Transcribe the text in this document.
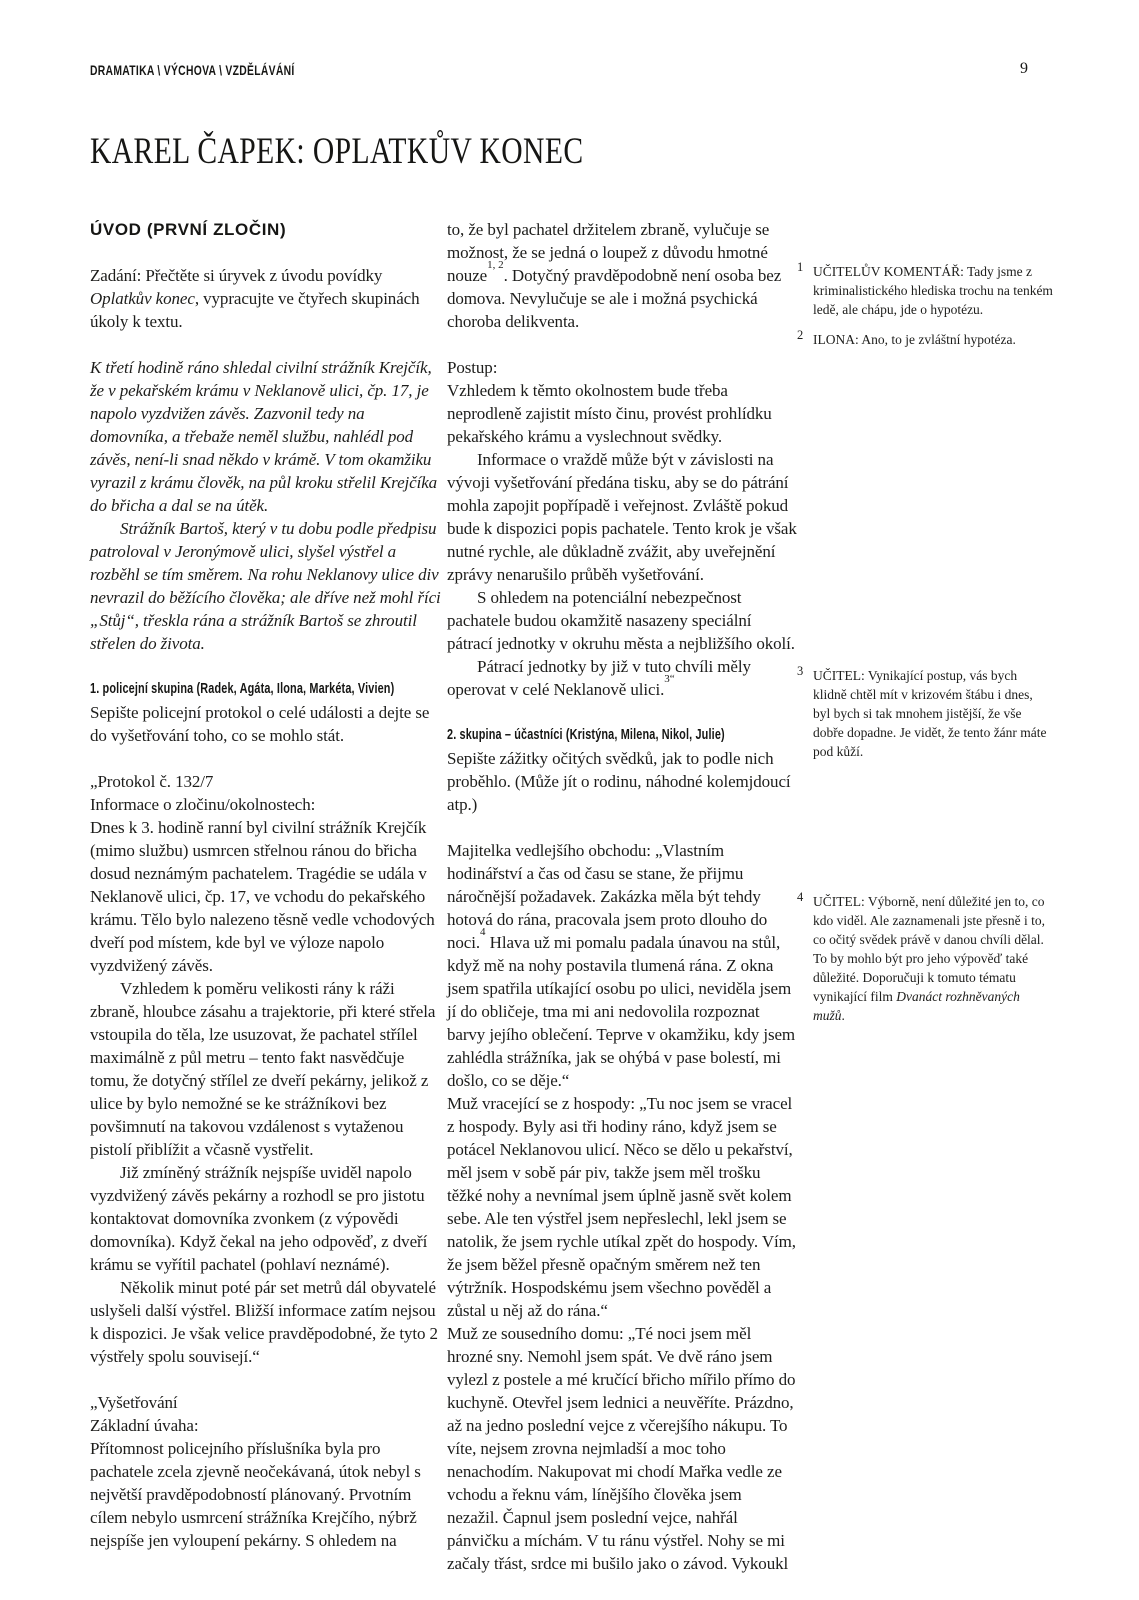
DRAMATIKA \ VÝCHOVA \ VZDĚLÁVÁNÍ	9
KAREL ČAPEK: OPLATKŮV KONEC
ÚVOD (PRVNÍ ZLOČIN)

Zadání: Přečtěte si úryvek z úvodu povídky Oplatkův konec, vypracujte ve čtyřech skupinách úkoly k textu.

K třetí hodině ráno shledal civilní strážník Krejčík, že v pekařském krámu v Neklanově ulici, čp. 17, je napolo vyzdvižen závěs. Zazvonil tedy na domovníka, a třebaže neměl službu, nahlédl pod závěs, není-li snad někdo v krámě. V tom okamžiku vyrazil z krámu člověk, na půl kroku střelil Krejčíka do břicha a dal se na útěk.

Strážník Bartoš, který v tu dobu podle předpisu patroloval v Jeronýmově ulici, slyšel výstřel a rozběhl se tím směrem. Na rohu Neklanovy ulice div nevrazil do běžícího člověka; ale dříve než mohl říci „Stůj“, třeskla rána a strážník Bartoš se zhroutil střelen do života.

1. policejní skupina (Radek, Agáta, Ilona, Markéta, Vivien)

Sepište policejní protokol o celé události a dejte se do vyšetřování toho, co se mohlo stát.

„Protokol č. 132/7

Informace o zločinu/okolnostech:

Dnes k 3. hodině ranní byl civilní strážník Krejčík (mimo službu) usmrcen střelnou ránou do břicha dosud neznámým pachatelem. Tragédie se udála v Neklanově ulici, čp. 17, ve vchodu do pekařského krámu. Tělo bylo nalezeno těsně vedle vchodových dveří pod místem, kde byl ve výloze napolo vyzdvižený závěs.

Vzhledem k poměru velikosti rány k ráži zbraně, hloubce zásahu a trajektorie, při které střela vstoupila do těla, lze usuzovat, že pachatel střílel maximálně z půl metru – tento fakt nasvědčuje tomu, že dotyčný střílel ze dveří pekárny, jelikož z ulice by bylo nemožné se ke strážníkovi bez povšimnutí na takovou vzdálenost s vytaženou pistolí přiblížit a včasně vystřelit.

Již zmíněný strážník nejspíše uviděl napolo vyzdvižený závěs pekárny a rozhodl se pro jistotu kontaktovat domovníka zvonkem (z výpovědi domovníka). Když čekal na jeho odpověď, z dveří krámu se vyřítil pachatel (pohlaví neznámé).

Několik minut poté pár set metrů dál obyvatelé uslyšeli další výstřel. Bližší informace zatím nejsou k dispozici. Je však velice pravděpodobné, že tyto 2 výstřely spolu souvisejí.“

„Vyšetřování

Základní úvaha:

Přítomnost policejního příslušníka byla pro pachatele zcela zjevně neočekávaná, útok nebyl s největší pravděpodobností plánovaný. Prvotním cílem nebylo usmrcení strážníka Krejčího, nýbrž nejspíše jen vyloupení pekárny. S ohledem na

to, že byl pachatel držitelem zbraně, vylučuje se možnost, že se jedná o loupež z důvodu hmotné nouze$^{1, 2}$. Dotyčný pravděpodobně není osoba bez domova. Nevylučuje se ale i možná psychická choroba delikventa.

Postup:

Vzhledem k těmto okolnostem bude třeba neprodleně zajistit místo činu, provést prohlídku pekařského krámu a vyslechnout svědky.

Informace o vraždě může být v závislosti na vývoji vyšetřování předána tisku, aby se do pátrání mohla zapojit popřípadě i veřejnost. Zvláště pokud bude k dispozici popis pachatele. Tento krok je však nutné rychle, ale důkladně zvážit, aby uveřejnění zprávy nenarušilo průběh vyšetřování.

S ohledem na potenciální nebezpečnost pachatele budou okamžitě nasazeny speciální pátrací jednotky v okruhu města a nejbližšího okolí.

Pátrací jednotky by již v tuto chvíli měly operovat v celé Neklanově ulici.$^{3“}$

2. skupina – účastníci (Kristýna, Milena, Nikol, Julie)

Sepište zážitky očitých svědků, jak to podle nich proběhlo. (Může jít o rodinu, náhodné kolemjdoucí atp.)

Majitelka vedlejšího obchodu: „Vlastním hodinářství a čas od času se stane, že přijmu náročnější požadavek. Zakázka měla být tehdy hotová do rána, pracovala jsem proto dlouho do noci.$^4$ Hlava už mi pomalu padala únavou na stůl, když mě na nohy postavila tlumená rána. Z okna jsem spatřila utíkající osobu po ulici, neviděla jsem jí do obličeje, tma mi ani nedovolila rozpoznat barvy jejího oblečení. Teprve v okamžiku, kdy jsem zahlédla strážníka, jak se ohýbá v pase bolestí, mi došlo, co se děje.“

Muž vracející se z hospody: „Tu noc jsem se vracel z hospody. Byly asi tři hodiny ráno, když jsem se potácel Neklanovou ulicí. Něco se dělo u pekařství, měl jsem v sobě pár piv, takže jsem měl trošku těžké nohy a nevnímal jsem úplně jasně svět kolem sebe. Ale ten výstřel jsem nepřeslechl, lekl jsem se natolik, že jsem rychle utíkal zpět do hospody. Vím, že jsem běžel přesně opačným směrem než ten výtržník. Hospodskému jsem všechno pověděl a zůstal u něj až do rána.“

Muž ze sousedního domu: „Té noci jsem měl hrozné sny. Nemohl jsem spát. Ve dvě ráno jsem vylezl z postele a mé kručící břicho mířilo přímo do kuchyně. Otevřel jsem lednici a neuvěříte. Prázdno, až na jedno poslední vejce z včerejšího nákupu. To víte, nejsem zrovna nejmladší a moc toho nenachodím. Nakupovat mi chodí Mařka vedle ze vchodu a řeknu vám, línějšího člověka jsem nezažil. Čapnul jsem poslední vejce, nahřál pánvičku a míchám. V tu ránu výstřel. Nohy se mi začaly třást, srdce mi bušilo jako o závod. Vykoukl

1 UČITELŮV KOMENTÁŘ: Tady jsme z kriminalistického hlediska trochu na tenkém ledě, ale chápu, jde o hypotézu.
2 ILONA: Ano, to je zvláštní hypotéza.
3 UČITEL: Vynikající postup, vás bych klidně chtěl mít v krizovém štábu i dnes, byl bych si tak mnohem jistější, že vše dobře dopadne. Je vidět, že tento žánr máte pod kůží.
4 UČITEL: Výborně, není důležité jen to, co kdo viděl. Ale zaznamenali jste přesně i to, co očitý svědek právě v danou chvíli dělal. To by mohlo být pro jeho výpověď také důležité. Doporučuji k tomuto tématu vynikající film Dvanáct rozhněvaných mužů.
